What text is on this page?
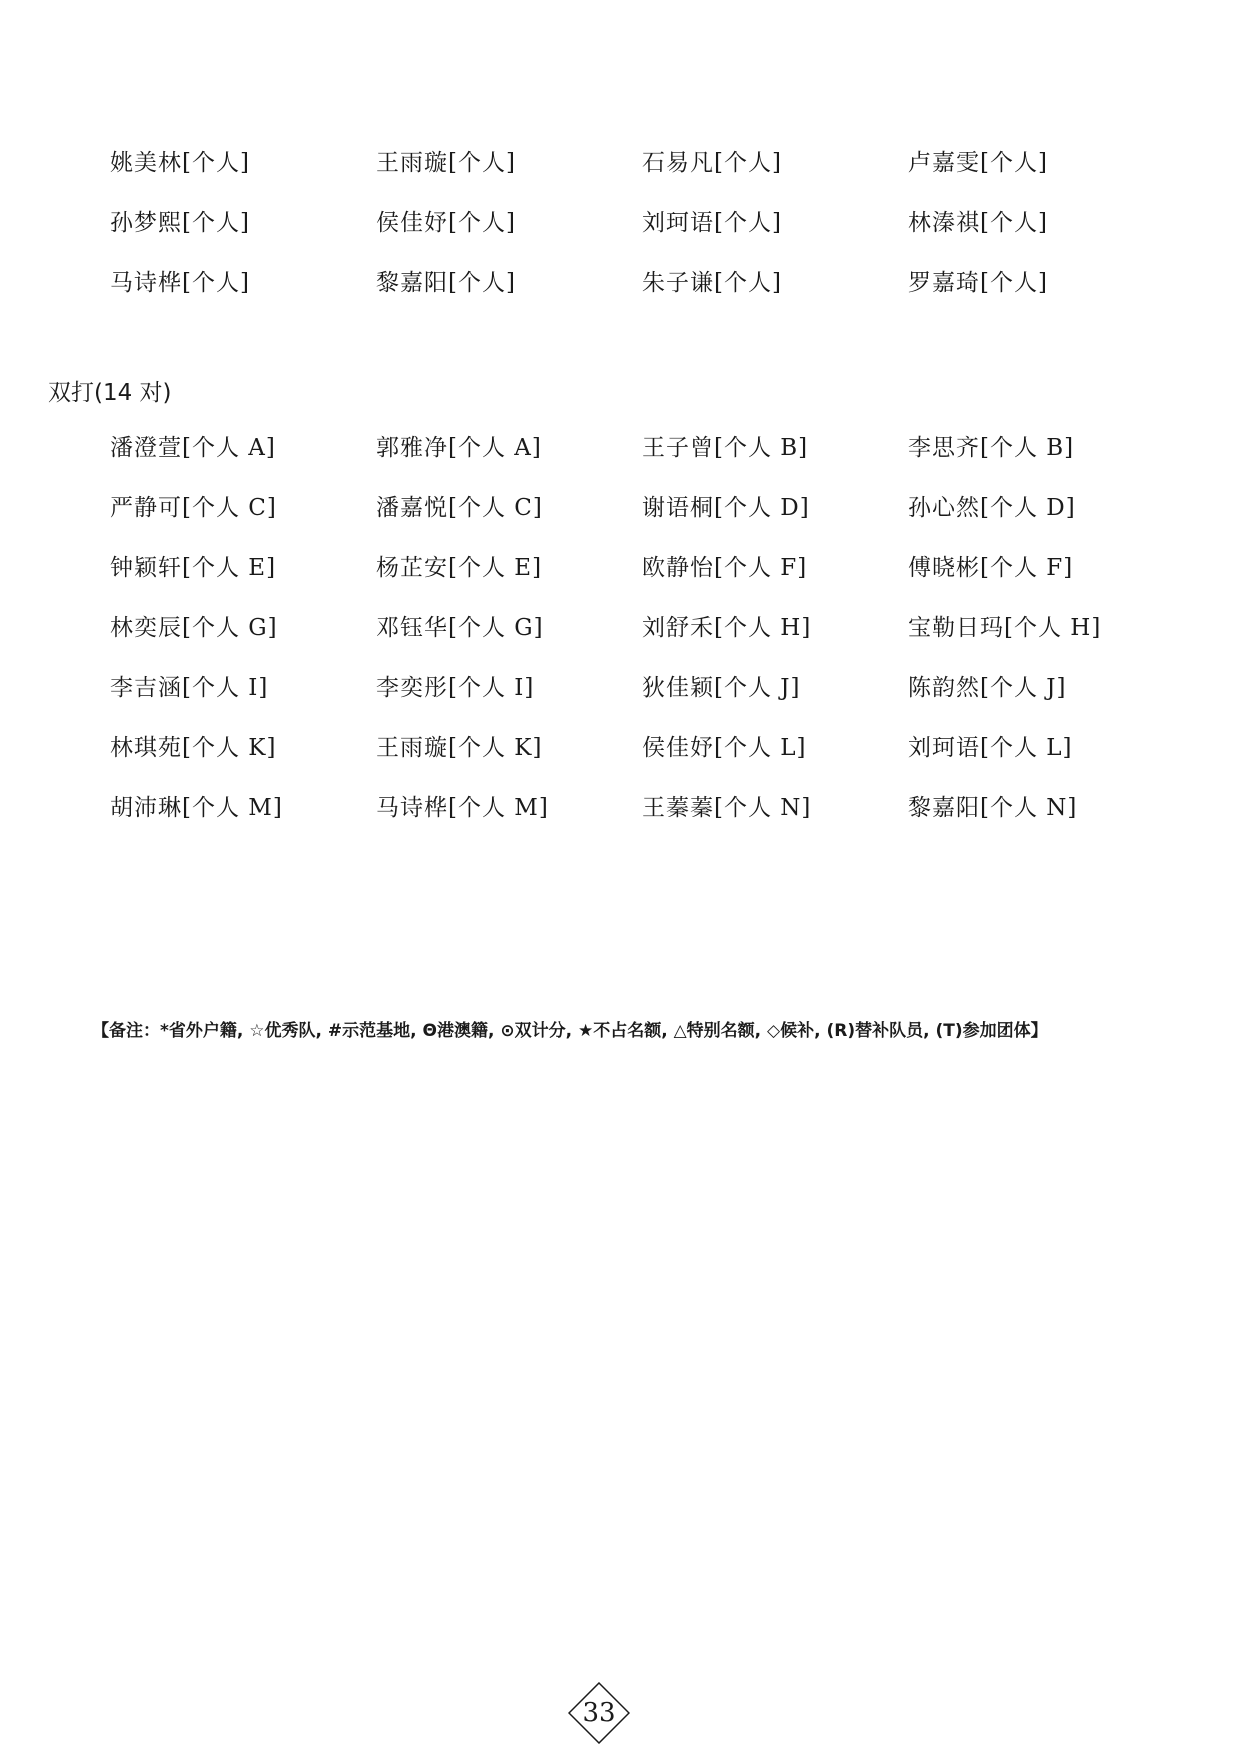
姚美林[个人]	王雨璇[个人]	石易凡[个人]	卢嘉雯[个人]
孙梦熙[个人]	侯佳妤[个人]	刘珂语[个人]	林溱祺[个人]
马诗桦[个人]	黎嘉阳[个人]	朱子谦[个人]	罗嘉琦[个人]
双打(14 对)
潘澄萱[个人 A]	郭雅净[个人 A]	王子曾[个人 B]	李思齐[个人 B]
严静可[个人 C]	潘嘉悦[个人 C]	谢语桐[个人 D]	孙心然[个人 D]
钟颖轩[个人 E]	杨芷安[个人 E]	欧静怡[个人 F]	傅晓彬[个人 F]
林奕辰[个人 G]	邓钰华[个人 G]	刘舒禾[个人 H]	宝勒日玛[个人 H]
李吉涵[个人 I]	李奕彤[个人 I]	狄佳颖[个人 J]	陈韵然[个人 J]
林琪苑[个人 K]	王雨璇[个人 K]	侯佳妤[个人 L]	刘珂语[个人 L]
胡沛琳[个人 M]	马诗桦[个人 M]	王蓁蓁[个人 N]	黎嘉阳[个人 N]
【备注：*省外户籍, ☆优秀队, #示范基地, Θ港澳籍, ⊙双计分, ★不占名额, △特别名额, ◇候补, (R)替补队员, (T)参加团体】
33
